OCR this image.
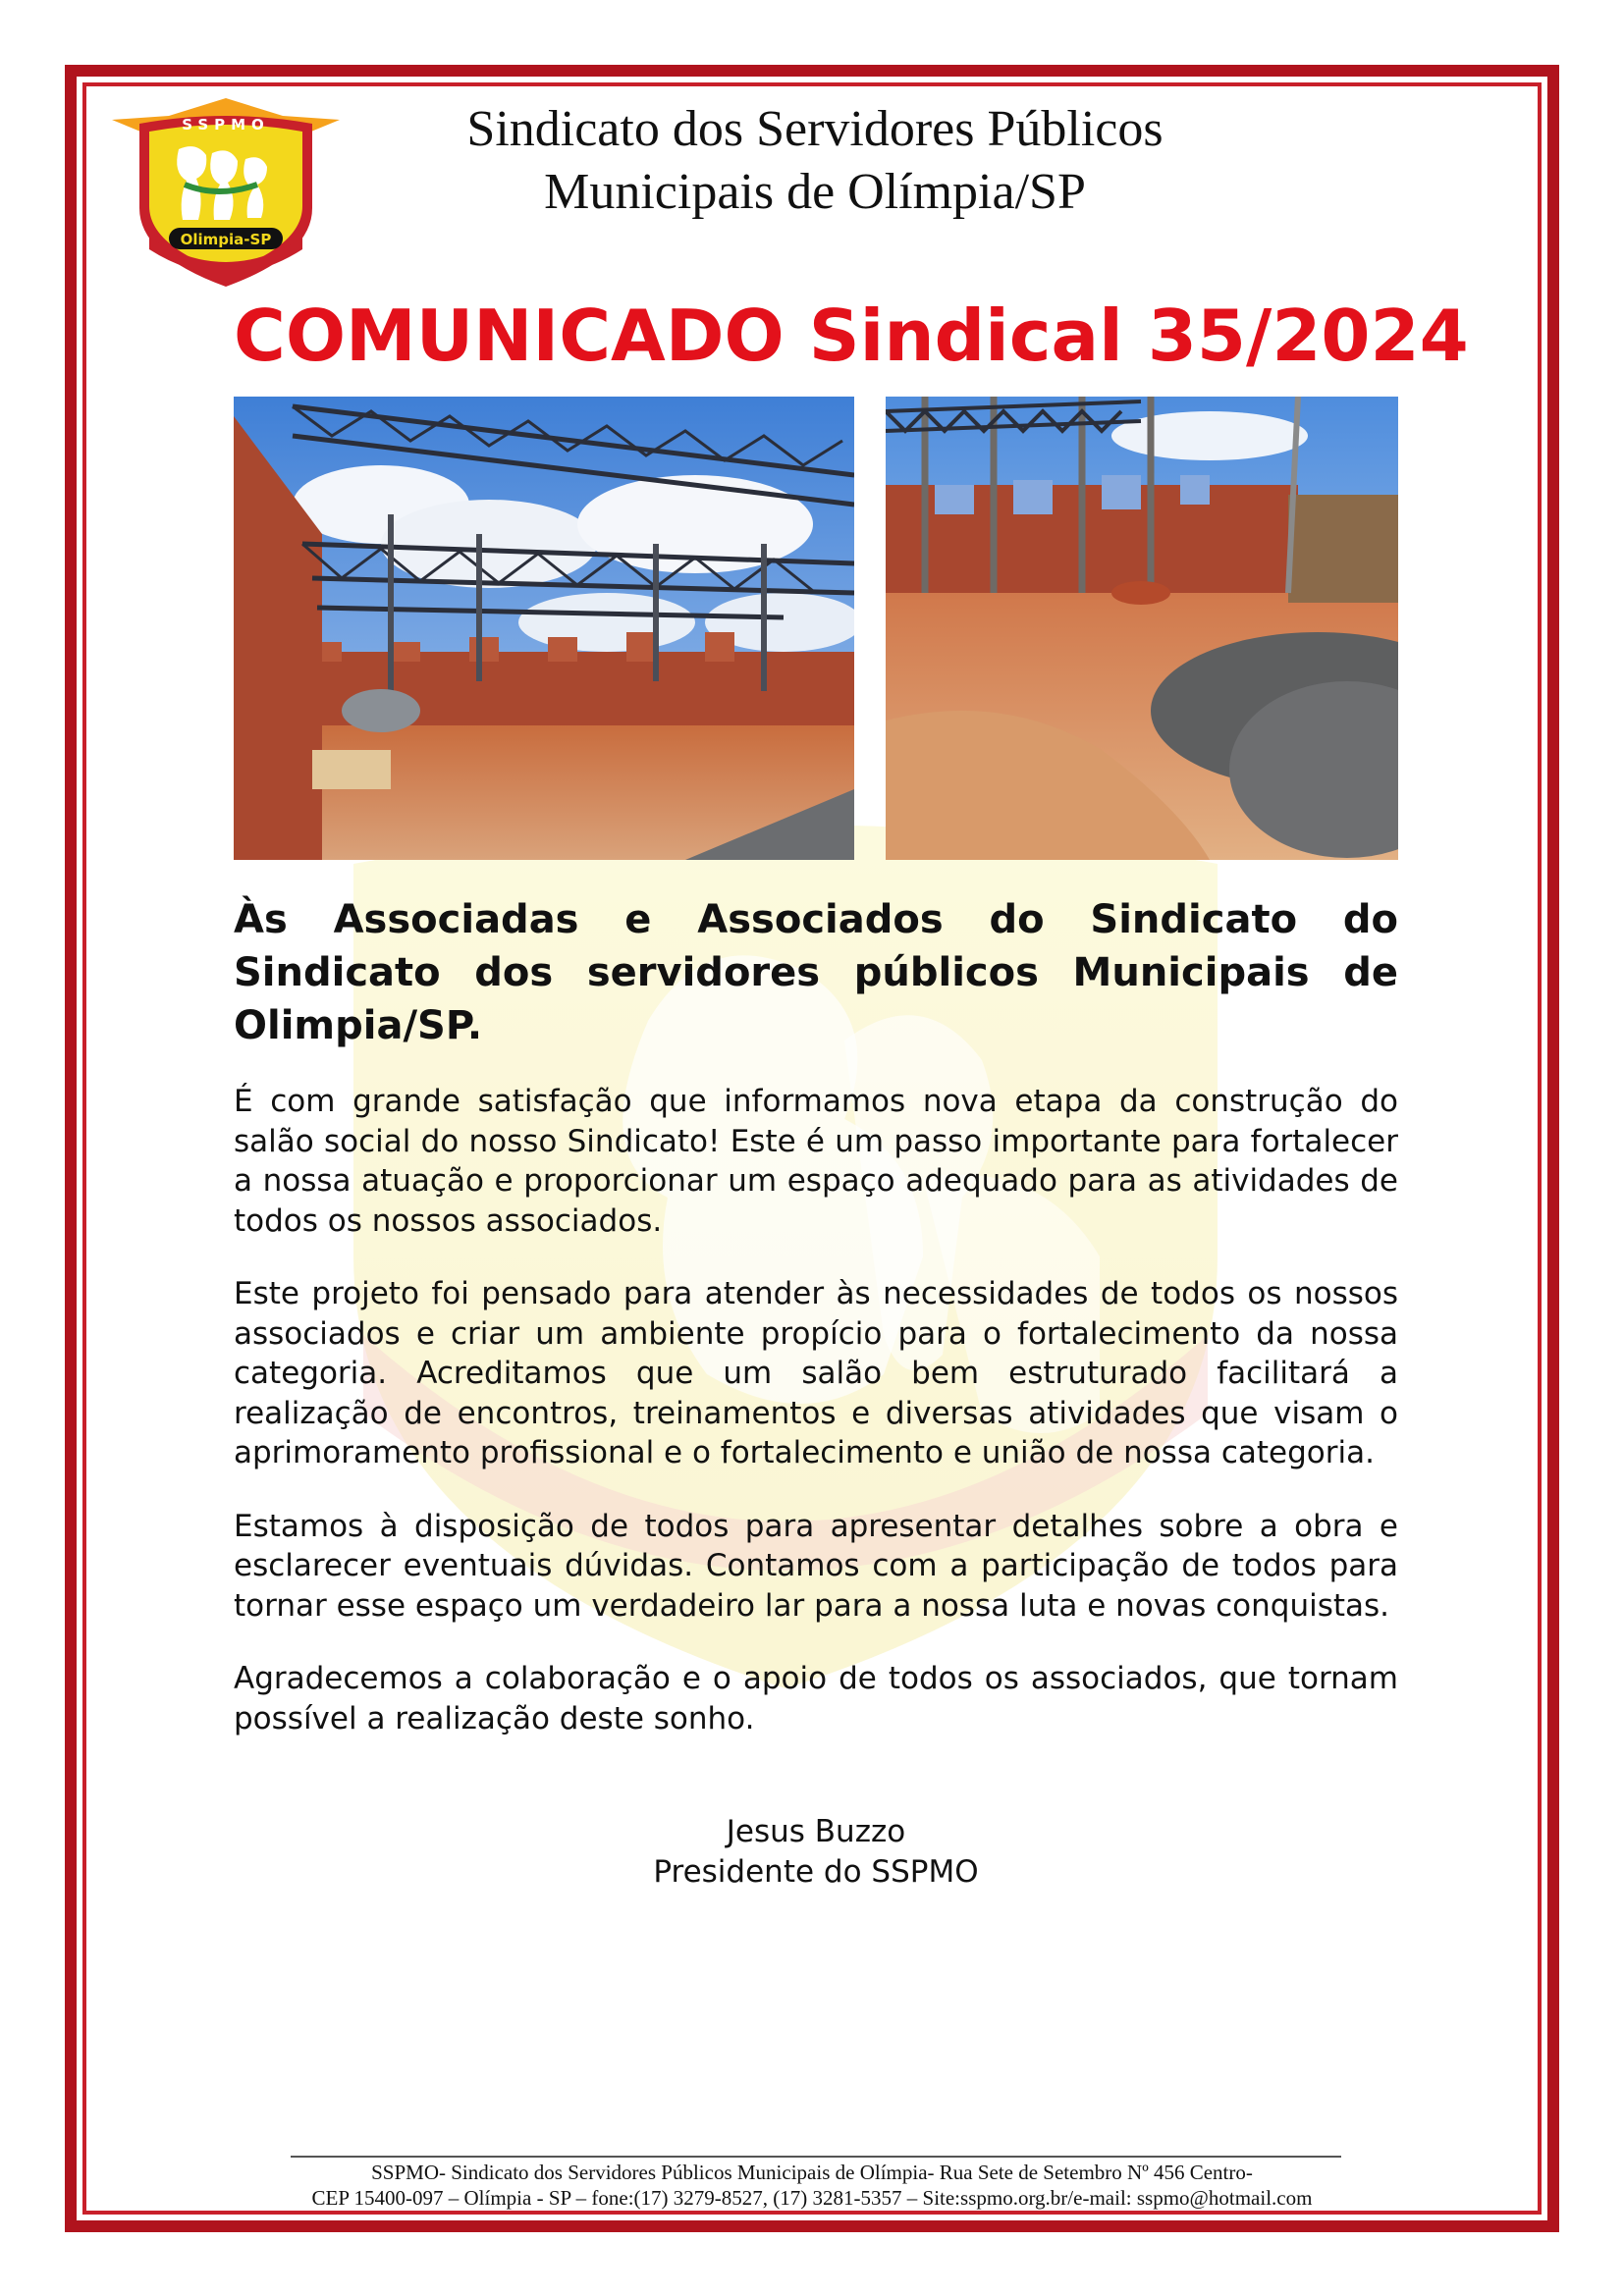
Olimpia-SP
SSPMO	Sindicato dos Servidores Públicos
Municipais de Olímpia/SP
COMUNICADO Sindical 35/2024
Às Associadas e Associados do Sindicato do Sindicato dos servidores públicos Municipais de Olimpia/SP.

É com grande satisfação que informamos nova etapa da construção do salão social do nosso Sindicato! Este é um passo importante para fortalecer a nossa atuação e proporcionar um espaço adequado para as atividades de todos os nossos associados.

Este projeto foi pensado para atender às necessidades de todos os nossos associados e criar um ambiente propício para o fortalecimento da nossa categoria. Acreditamos que um salão bem estruturado facilitará a realização de encontros, treinamentos e diversas atividades que visam o aprimoramento profissional e o fortalecimento e união de nossa categoria.

Estamos à disposição de todos para apresentar detalhes sobre a obra e esclarecer eventuais dúvidas. Contamos com a participação de todos para tornar esse espaço um verdadeiro lar para a nossa luta e novas conquistas.

Agradecemos a colaboração e o apoio de todos os associados, que tornam possível a realização deste sonho.

Jesus Buzzo
Presidente do SSPMO
SSPMO- Sindicato dos Servidores Públicos Municipais de Olímpia- Rua Sete de Setembro Nº 456 Centro-
CEP 15400-097 – Olímpia - SP – fone:(17) 3279-8527, (17) 3281-5357 – Site:sspmo.org.br/e-mail: sspmo@hotmail.com
